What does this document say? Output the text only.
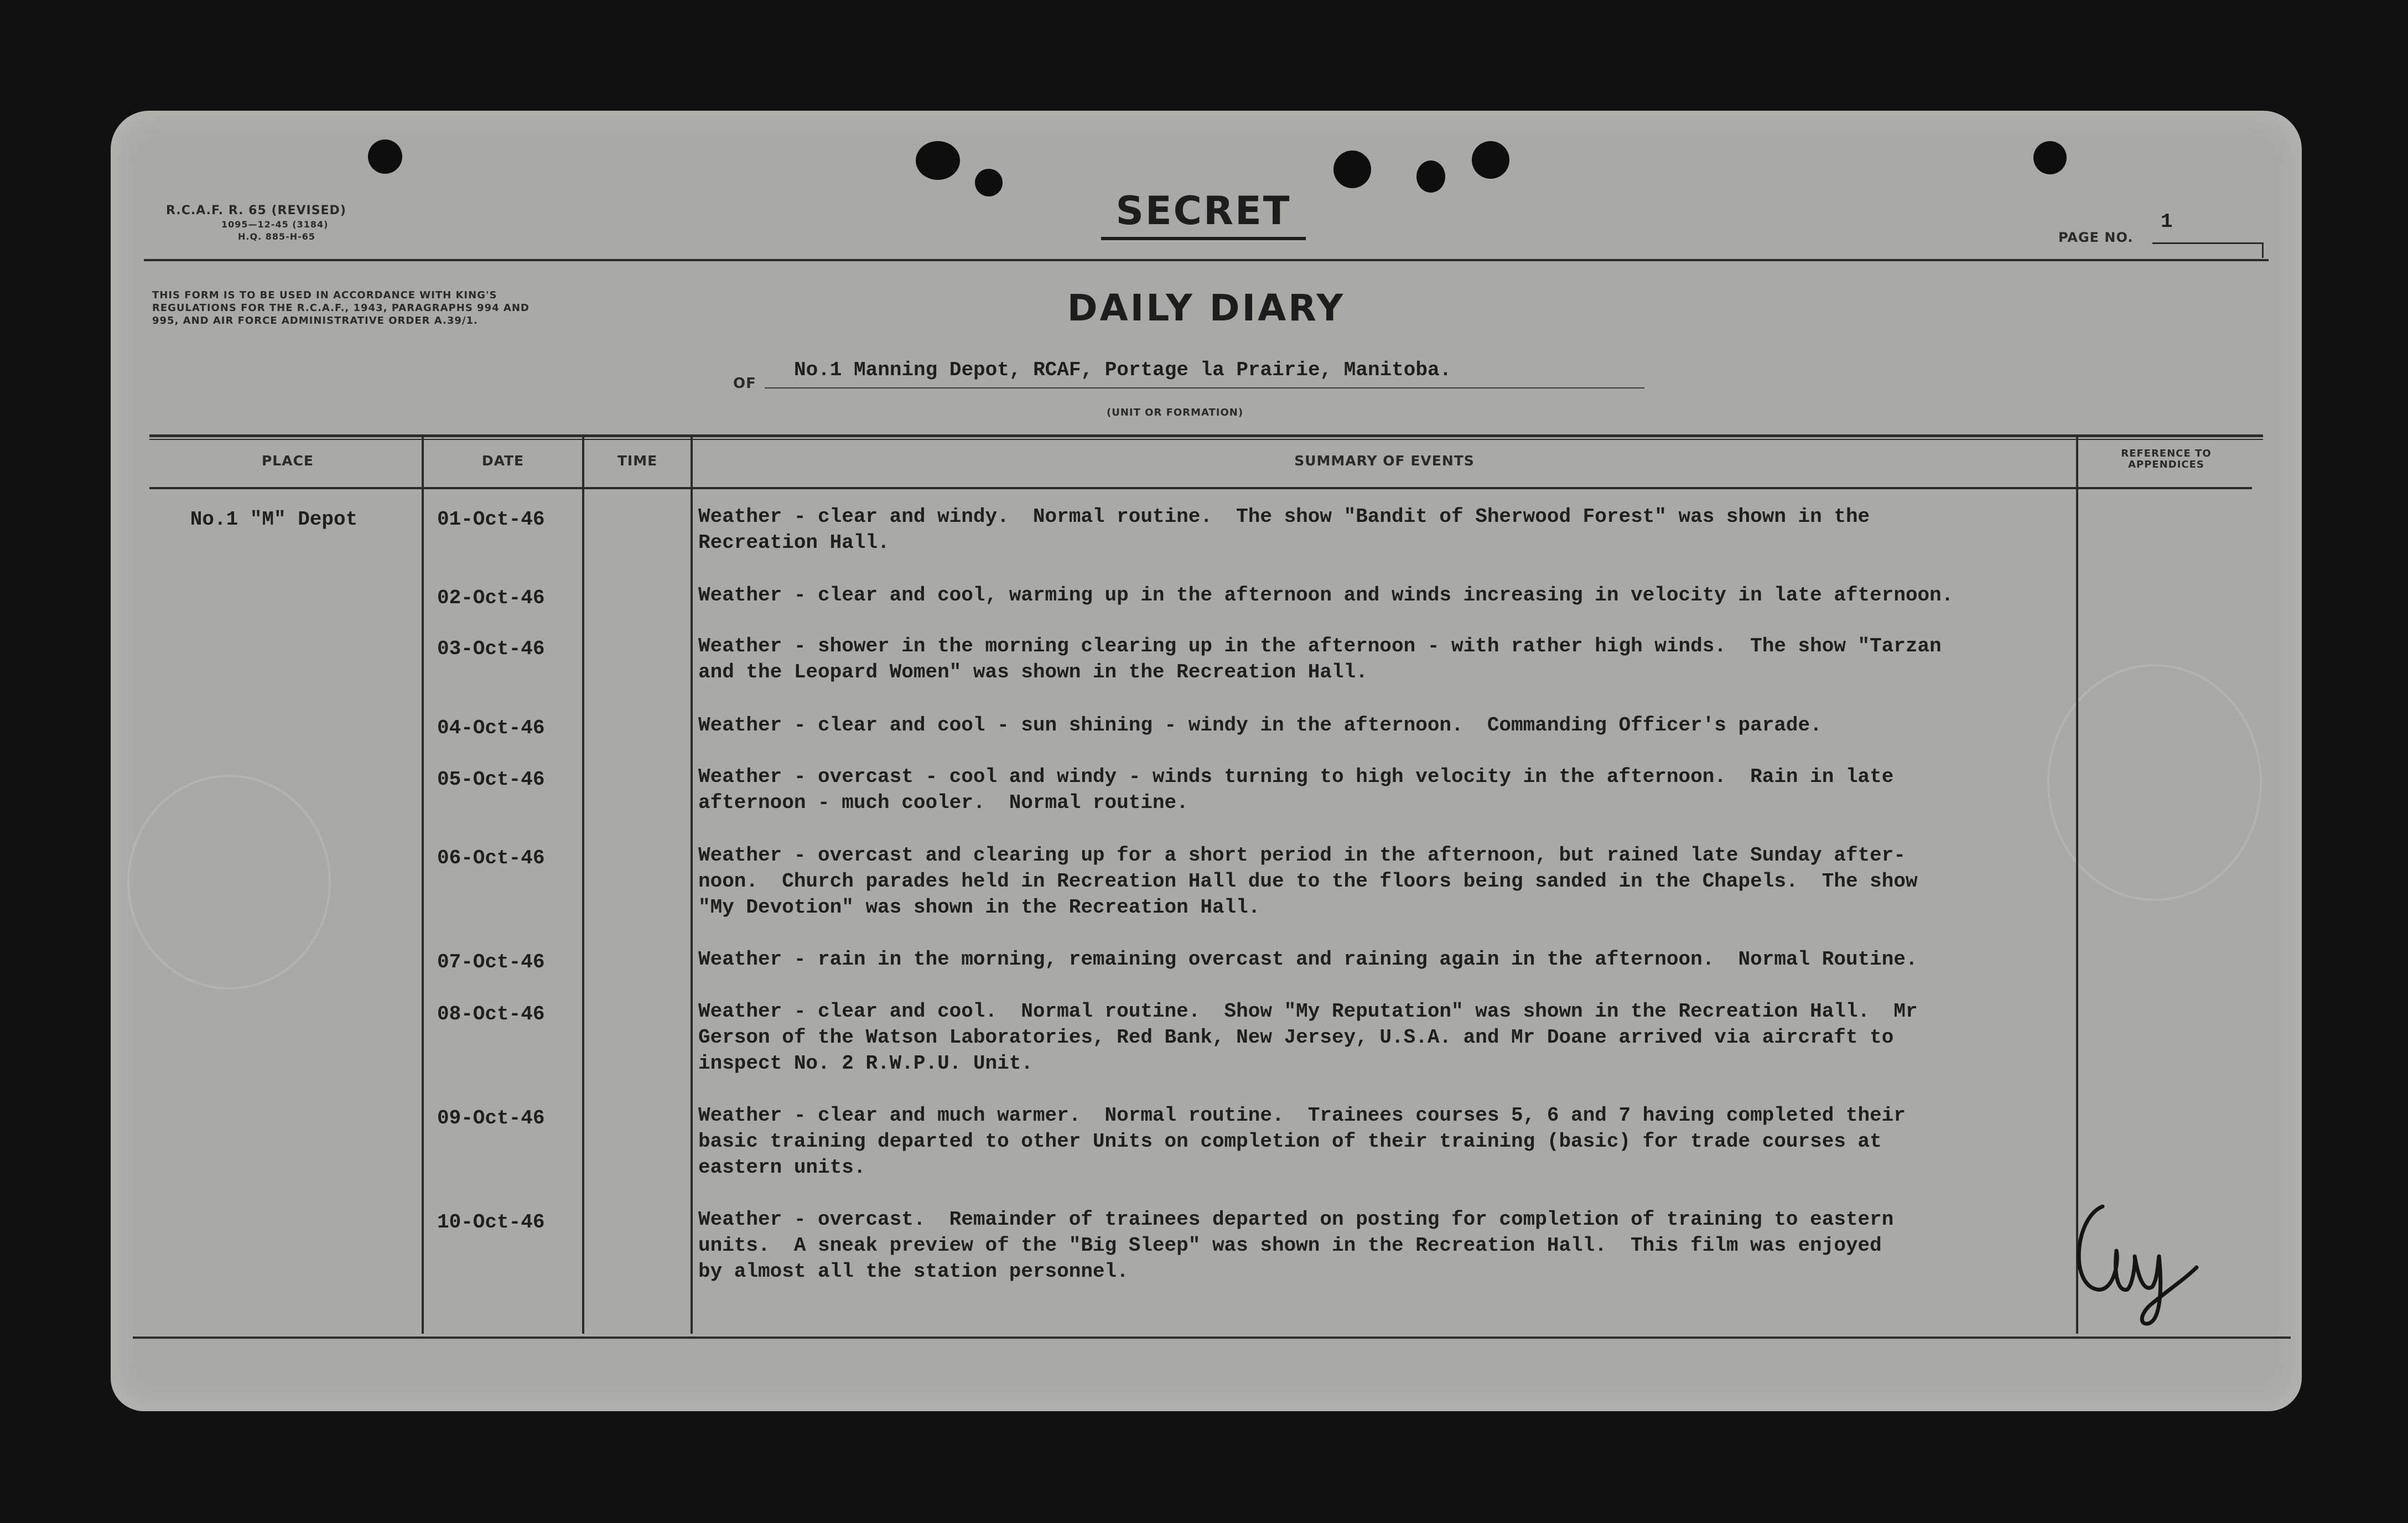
R.C.A.F. R. 65 (REVISED)
1095—12-45 (3184)
H.Q. 885-H-65
THIS FORM IS TO BE USED IN ACCORDANCE WITH KING'S REGULATIONS FOR THE R.C.A.F., 1943, PARAGRAPHS 994 AND 995, AND AIR FORCE ADMINISTRATIVE ORDER A.39/1.
SECRET
PAGE NO.
1
DAILY DIARY
OF
No.1 Manning Depot, RCAF, Portage la Prairie, Manitoba.
(UNIT OR FORMATION)
PLACE	DATE	TIME	SUMMARY OF EVENTS	REFERENCE TO APPENDICES
No.1 "M" Depot	01-Oct-46	Weather - clear and windy.  Normal routine.  The show "Bandit of Sherwood Forest" was shown in the
Recreation Hall.
02-Oct-46	Weather - clear and cool, warming up in the afternoon and winds increasing in velocity in late afternoon.
03-Oct-46	Weather - shower in the morning clearing up in the afternoon - with rather high winds.  The show "Tarzan
and the Leopard Women" was shown in the Recreation Hall.
04-Oct-46	Weather - clear and cool - sun shining - windy in the afternoon.  Commanding Officer's parade.
05-Oct-46	Weather - overcast - cool and windy - winds turning to high velocity in the afternoon.  Rain in late
afternoon - much cooler.  Normal routine.
06-Oct-46	Weather - overcast and clearing up for a short period in the afternoon, but rained late Sunday after-
noon.  Church parades held in Recreation Hall due to the floors being sanded in the Chapels.  The show
"My Devotion" was shown in the Recreation Hall.
07-Oct-46	Weather - rain in the morning, remaining overcast and raining again in the afternoon.  Normal Routine.
08-Oct-46	Weather - clear and cool.  Normal routine.  Show "My Reputation" was shown in the Recreation Hall.  Mr
Gerson of the Watson Laboratories, Red Bank, New Jersey, U.S.A. and Mr Doane arrived via aircraft to
inspect No. 2 R.W.P.U. Unit.
09-Oct-46	Weather - clear and much warmer.  Normal routine.  Trainees courses 5, 6 and 7 having completed their
basic training departed to other Units on completion of their training (basic) for trade courses at
eastern units.
10-Oct-46	Weather - overcast.  Remainder of trainees departed on posting for completion of training to eastern
units.  A sneak preview of the "Big Sleep" was shown in the Recreation Hall.  This film was enjoyed
by almost all the station personnel.
